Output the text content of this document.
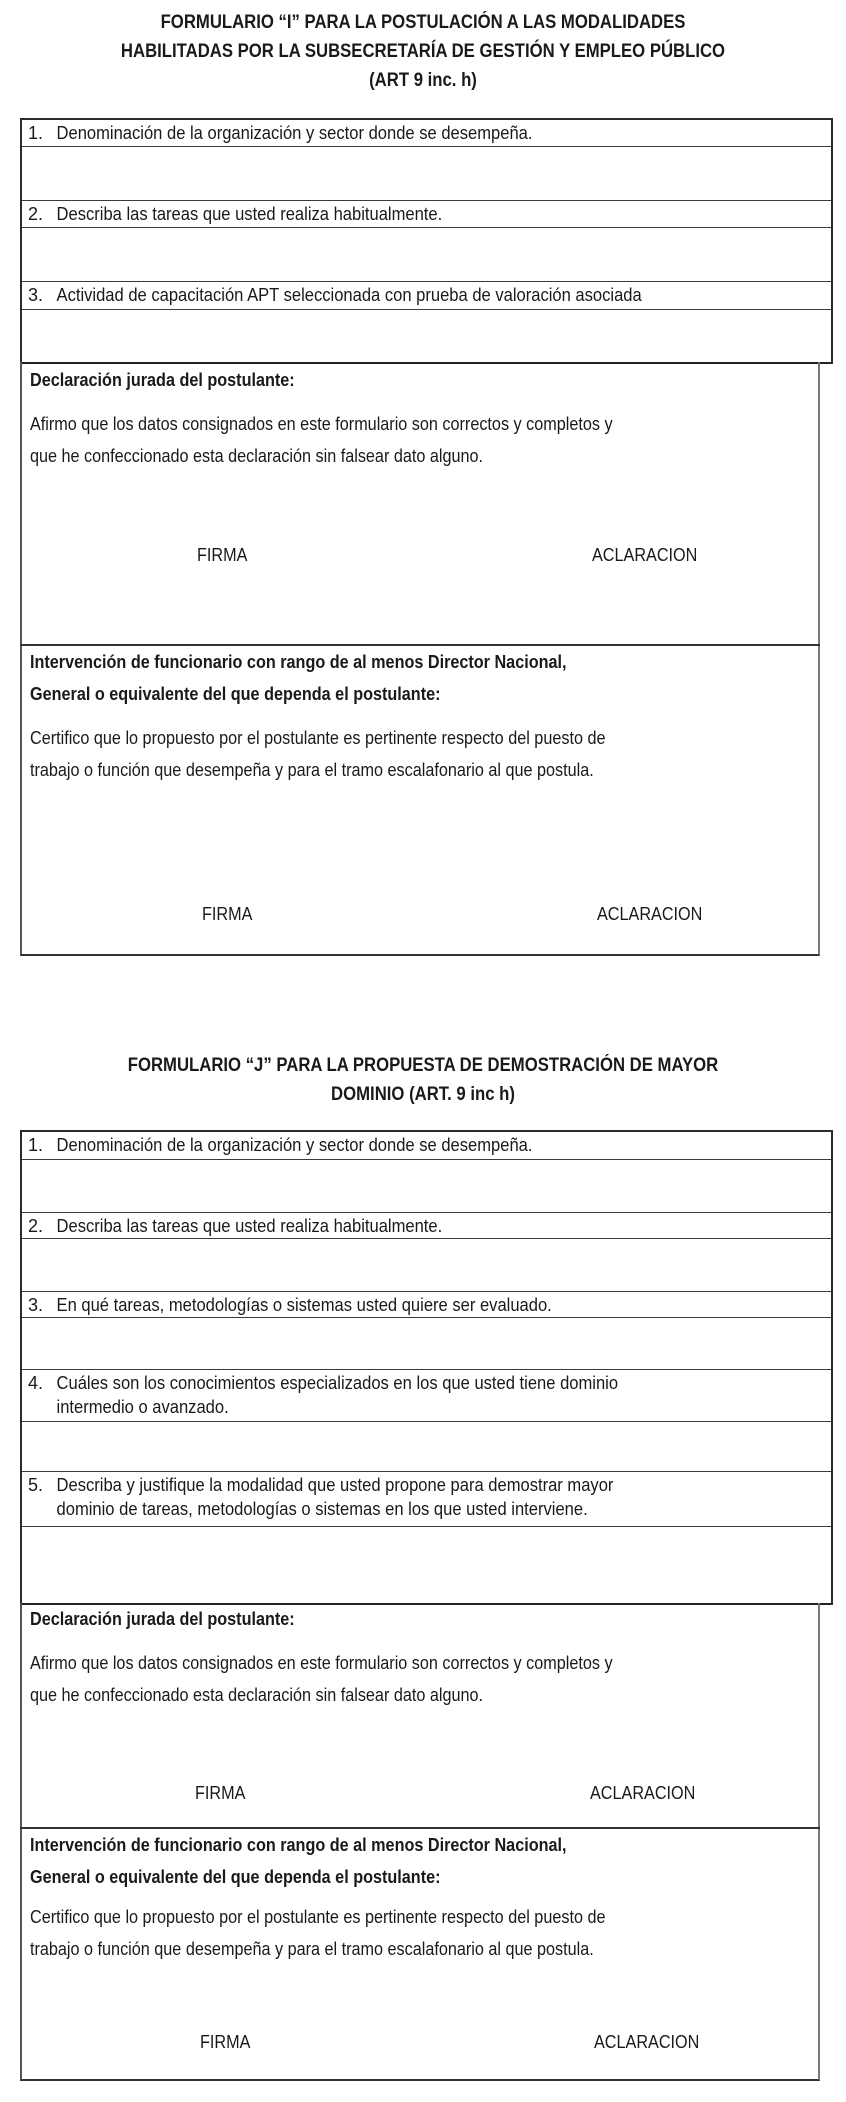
FORMULARIO “I” PARA LA POSTULACIÓN A LAS MODALIDADES
HABILITADAS POR LA SUBSECRETARÍA DE GESTIÓN Y EMPLEO PÚBLICO
(ART 9 inc. h)
1. Denominación de la organización y sector donde se desempeña.
2. Describa las tareas que usted realiza habitualmente.
3. Actividad de capacitación APT seleccionada con prueba de valoración asociada
Declaración jurada del postulante:
Afirmo que los datos consignados en este formulario son correctos y completos y
que he confeccionado esta declaración sin falsear dato alguno.
FIRMA	ACLARACION
Intervención de funcionario con rango de al menos Director Nacional,
General o equivalente del que dependa el postulante:
Certifico que lo propuesto por el postulante es pertinente respecto del puesto de
trabajo o función que desempeña y para el tramo escalafonario al que postula.
FIRMA	ACLARACION
FORMULARIO “J” PARA LA PROPUESTA DE DEMOSTRACIÓN DE MAYOR
DOMINIO (ART. 9 inc h)
1. Denominación de la organización y sector donde se desempeña.
2. Describa las tareas que usted realiza habitualmente.
3. En qué tareas, metodologías o sistemas usted quiere ser evaluado.
4. Cuáles son los conocimientos especializados en los que usted tiene dominio
intermedio o avanzado.
5. Describa y justifique la modalidad que usted propone para demostrar mayor
dominio de tareas, metodologías o sistemas en los que usted interviene.
Declaración jurada del postulante:
Afirmo que los datos consignados en este formulario son correctos y completos y
que he confeccionado esta declaración sin falsear dato alguno.
FIRMA	ACLARACION
Intervención de funcionario con rango de al menos Director Nacional,
General o equivalente del que dependa el postulante:
Certifico que lo propuesto por el postulante es pertinente respecto del puesto de
trabajo o función que desempeña y para el tramo escalafonario al que postula.
FIRMA	ACLARACION
